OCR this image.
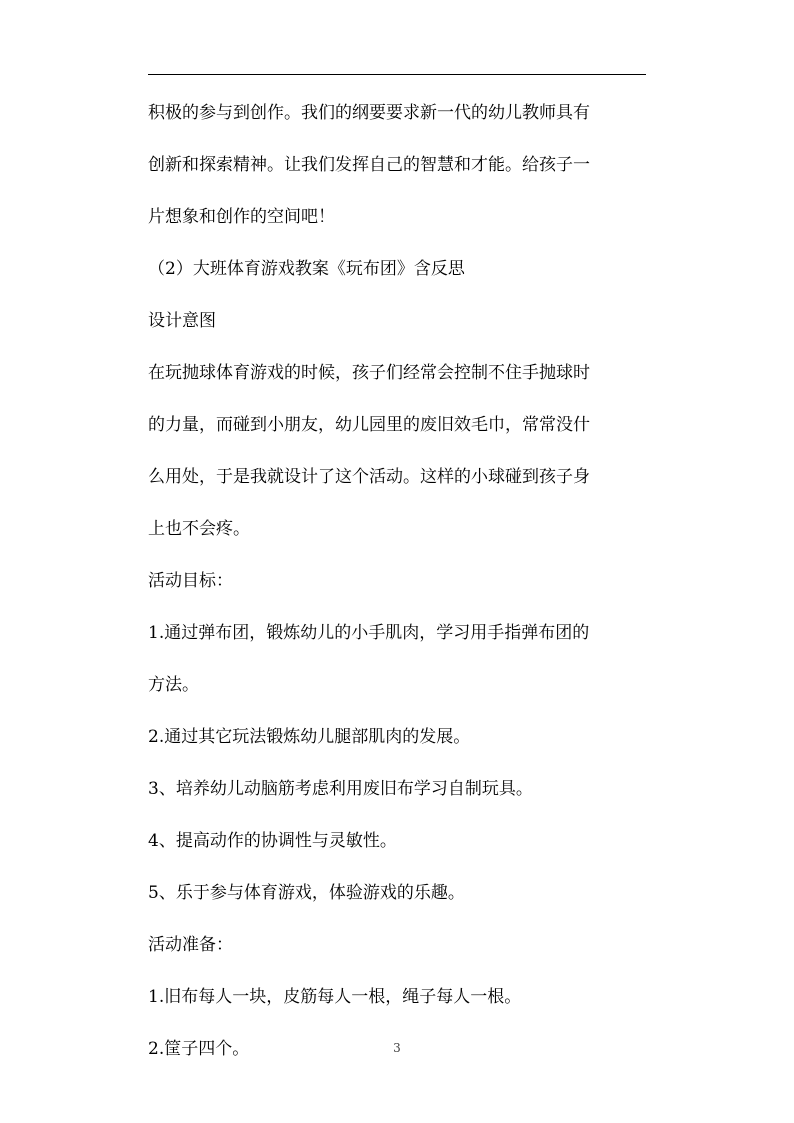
积极的参与到创作。我们的纲要要求新一代的幼儿教师具有
创新和探索精神。让我们发挥自己的智慧和才能。给孩子一
片想象和创作的空间吧！
（2）大班体育游戏教案《玩布团》含反思
设计意图
在玩抛球体育游戏的时候，孩子们经常会控制不住手抛球时
的力量，而碰到小朋友，幼儿园里的废旧效毛巾，常常没什
么用处，于是我就设计了这个活动。这样的小球碰到孩子身
上也不会疼。
活动目标：
1.通过弹布团，锻炼幼儿的小手肌肉，学习用手指弹布团的
方法。
2.通过其它玩法锻炼幼儿腿部肌肉的发展。
3、培养幼儿动脑筋考虑利用废旧布学习自制玩具。
4、提高动作的协调性与灵敏性。
5、乐于参与体育游戏，体验游戏的乐趣。
活动准备：
1.旧布每人一块，皮筋每人一根，绳子每人一根。
2.筐子四个。	3
